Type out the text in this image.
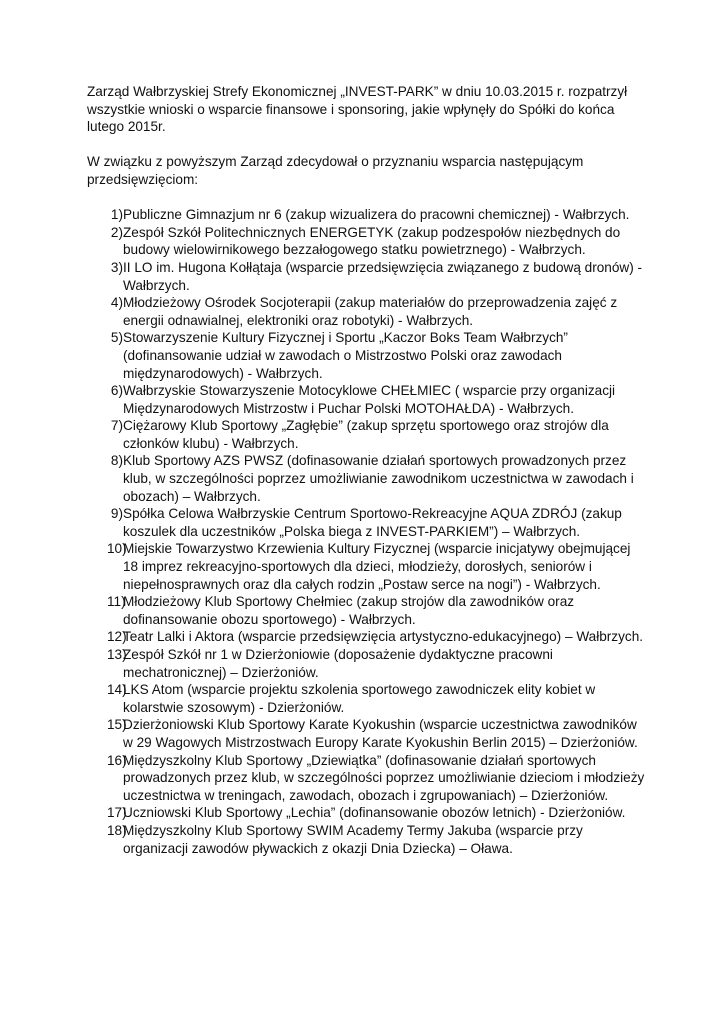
Zarząd Wałbrzyskiej Strefy Ekonomicznej „INVEST-PARK” w dniu 10.03.2015 r. rozpatrzył wszystkie wnioski o wsparcie finansowe i sponsoring, jakie wpłynęły do Spółki do końca lutego 2015r.

W związku z powyższym Zarząd zdecydował o przyznaniu wsparcia następującym przedsięwzięciom:

1) Publiczne Gimnazjum nr 6 (zakup wizualizera do pracowni chemicznej) - Wałbrzych.
2) Zespół Szkół Politechnicznych ENERGETYK (zakup podzespołów niezbędnych do budowy wielowirnikowego bezzałogowego statku powietrznego) - Wałbrzych.
3) II LO im. Hugona Kołłątaja (wsparcie przedsięwzięcia związanego z budową dronów) - Wałbrzych.
4) Młodzieżowy Ośrodek Socjoterapii (zakup materiałów do przeprowadzenia zajęć z energii odnawialnej, elektroniki oraz robotyki) - Wałbrzych.
5) Stowarzyszenie Kultury Fizycznej i Sportu „Kaczor Boks Team Wałbrzych” (dofinansowanie udział w zawodach o Mistrzostwo Polski oraz zawodach międzynarodowych) - Wałbrzych.
6) Wałbrzyskie Stowarzyszenie Motocyklowe CHEŁMIEC ( wsparcie przy organizacji Międzynarodowych Mistrzostw i Puchar Polski MOTOHAŁDA) - Wałbrzych.
7) Ciężarowy Klub Sportowy „Zagłębie” (zakup sprzętu sportowego oraz strojów dla członków klubu) - Wałbrzych.
8) Klub Sportowy AZS PWSZ (dofinasowanie działań sportowych prowadzonych przez klub, w szczególności poprzez umożliwianie zawodnikom uczestnictwa w zawodach i obozach) – Wałbrzych.
9) Spółka Celowa Wałbrzyskie Centrum Sportowo-Rekreacyjne AQUA ZDRÓJ (zakup koszulek dla uczestników „Polska biega z INVEST-PARKIEM”) – Wałbrzych.
10)
Miejskie Towarzystwo Krzewienia Kultury Fizycznej (wsparcie inicjatywy obejmującej 18 imprez rekreacyjno-sportowych dla dzieci, młodzieży, dorosłych, seniorów i niepełnosprawnych oraz dla całych rodzin „Postaw serce na nogi”) - Wałbrzych.
11)
Młodzieżowy Klub Sportowy Chełmiec (zakup strojów dla zawodników oraz dofinansowanie obozu sportowego) - Wałbrzych.
12)
Teatr Lalki i Aktora (wsparcie przedsięwzięcia artystyczno-edukacyjnego) – Wałbrzych.
13)
Zespół Szkół nr 1 w Dzierżoniowie (doposażenie dydaktyczne pracowni mechatronicznej) – Dzierżoniów.
14)
LKS Atom (wsparcie projektu szkolenia sportowego zawodniczek elity kobiet w kolarstwie szosowym) - Dzierżoniów.
15)
Dzierżoniowski Klub Sportowy Karate Kyokushin (wsparcie uczestnictwa zawodników w 29 Wagowych Mistrzostwach Europy Karate Kyokushin Berlin 2015) – Dzierżoniów.
16)
Międzyszkolny Klub Sportowy „Dziewiątka” (dofinasowanie działań sportowych prowadzonych przez klub, w szczególności poprzez umożliwianie dzieciom i młodzieży uczestnictwa w treningach, zawodach, obozach i zgrupowaniach) – Dzierżoniów.
17)
Uczniowski Klub Sportowy „Lechia” (dofinansowanie obozów letnich) - Dzierżoniów.
18)
Międzyszkolny Klub Sportowy SWIM Academy Termy Jakuba (wsparcie przy organizacji zawodów pływackich z okazji Dnia Dziecka) – Oława.
